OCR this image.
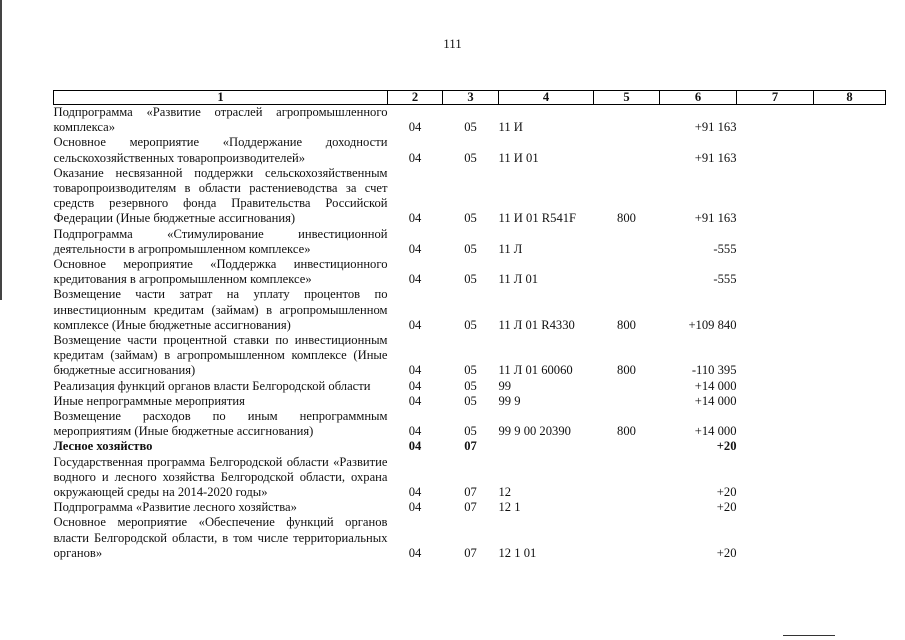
111
1	2	3	4	5	6	7	8
Подпрограмма «Развитие отраслей агропромышленного комплекса»	04	05	11 И		+91 163		
Основное мероприятие «Поддержание доходности сельскохозяйственных товаропроизводителей»	04	05	11 И 01		+91 163		
Оказание несвязанной поддержки сельскохозяйственным товаропроизводителям в области растениеводства за счет средств резервного фонда Правительства Российской Федерации (Иные бюджетные ассигнования)	04	05	11 И 01 R541F	800	+91 163		
Подпрограмма «Стимулирование инвестиционной деятельности в агропромышленном комплексе»	04	05	11 Л		-555		
Основное мероприятие «Поддержка инвестиционного кредитования в агропромышленном комплексе»	04	05	11 Л 01		-555		
Возмещение части затрат на уплату процентов по инвестиционным кредитам (займам) в агропромышленном комплексе (Иные бюджетные ассигнования)	04	05	11 Л 01 R4330	800	+109 840		
Возмещение части процентной ставки по инвестиционным кредитам (займам) в агропромышленном комплексе (Иные бюджетные ассигнования)	04	05	11 Л 01 60060	800	-110 395		
Реализация функций органов власти Белгородской области	04	05	99		+14 000		
Иные непрограммные мероприятия	04	05	99 9		+14 000		
Возмещение расходов по иным непрограммным мероприятиям (Иные бюджетные ассигнования)	04	05	99 9 00 20390	800	+14 000		
Лесное хозяйство	04	07			+20		
Государственная программа Белгородской области «Развитие водного и лесного хозяйства Белгородской области, охрана окружающей среды на 2014-2020 годы»	04	07	12		+20		
Подпрограмма «Развитие лесного хозяйства»	04	07	12 1		+20		
Основное мероприятие «Обеспечение функций органов власти Белгородской области, в том числе территориальных органов»	04	07	12 1 01		+20		
